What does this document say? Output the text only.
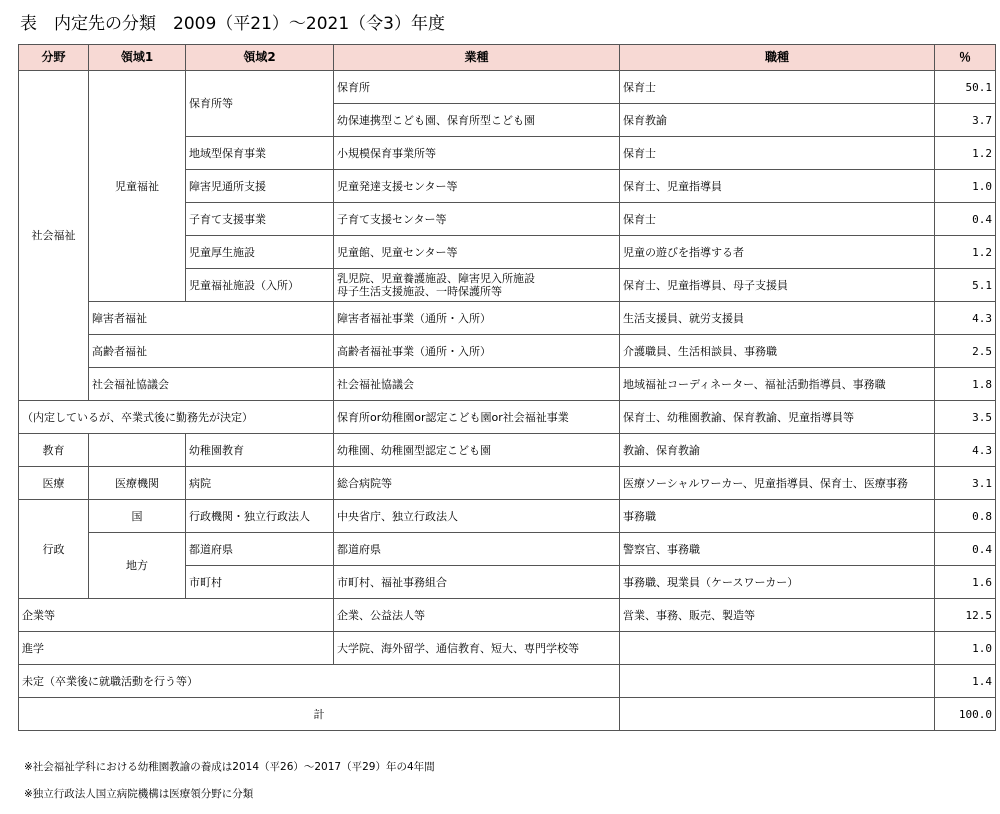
表　内定先の分類　2009（平21）～2021（令3）年度
分野	領域1	領域2	業種	職種	％
社会福祉	児童福祉	保育所等	保育所	保育士	50.1
			幼保連携型こども園、保育所型こども園	保育教諭	3.7
		地域型保育事業	小規模保育事業所等	保育士	1.2
		障害児通所支援	児童発達支援センター等	保育士、児童指導員	1.0
		子育て支援事業	子育て支援センター等	保育士	0.4
		児童厚生施設	児童館、児童センター等	児童の遊びを指導する者	1.2
		児童福祉施設（入所）	乳児院、児童養護施設、障害児入所施設
母子生活支援施設、一時保護所等	保育士、児童指導員、母子支援員	5.1
	障害者福祉		障害者福祉事業（通所・入所）	生活支援員、就労支援員	4.3
	高齢者福祉		高齢者福祉事業（通所・入所）	介護職員、生活相談員、事務職	2.5
	社会福祉協議会		社会福祉協議会	地域福祉コーディネーター、福祉活動指導員、事務職	1.8
（内定しているが、卒業式後に勤務先が決定）			保育所or幼稚園or認定こども園or社会福祉事業	保育士、幼稚園教諭、保育教諭、児童指導員等	3.5
教育		幼稚園教育	幼稚園、幼稚園型認定こども園	教諭、保育教諭	4.3
医療	医療機関	病院	総合病院等	医療ソーシャルワーカー、児童指導員、保育士、医療事務	3.1
行政	国	行政機関・独立行政法人	中央省庁、独立行政法人	事務職	0.8
	地方	都道府県	都道府県	警察官、事務職	0.4
		市町村	市町村、福祉事務組合	事務職、現業員（ケースワーカー）	1.6
企業等			企業、公益法人等	営業、事務、販売、製造等	12.5
進学			大学院、海外留学、通信教育、短大、専門学校等		1.0
未定（卒業後に就職活動を行う等）					1.4
計					100.0
※社会福祉学科における幼稚園教諭の養成は2014（平26）～2017（平29）年の4年間
※独立行政法人国立病院機構は医療領分野に分類
